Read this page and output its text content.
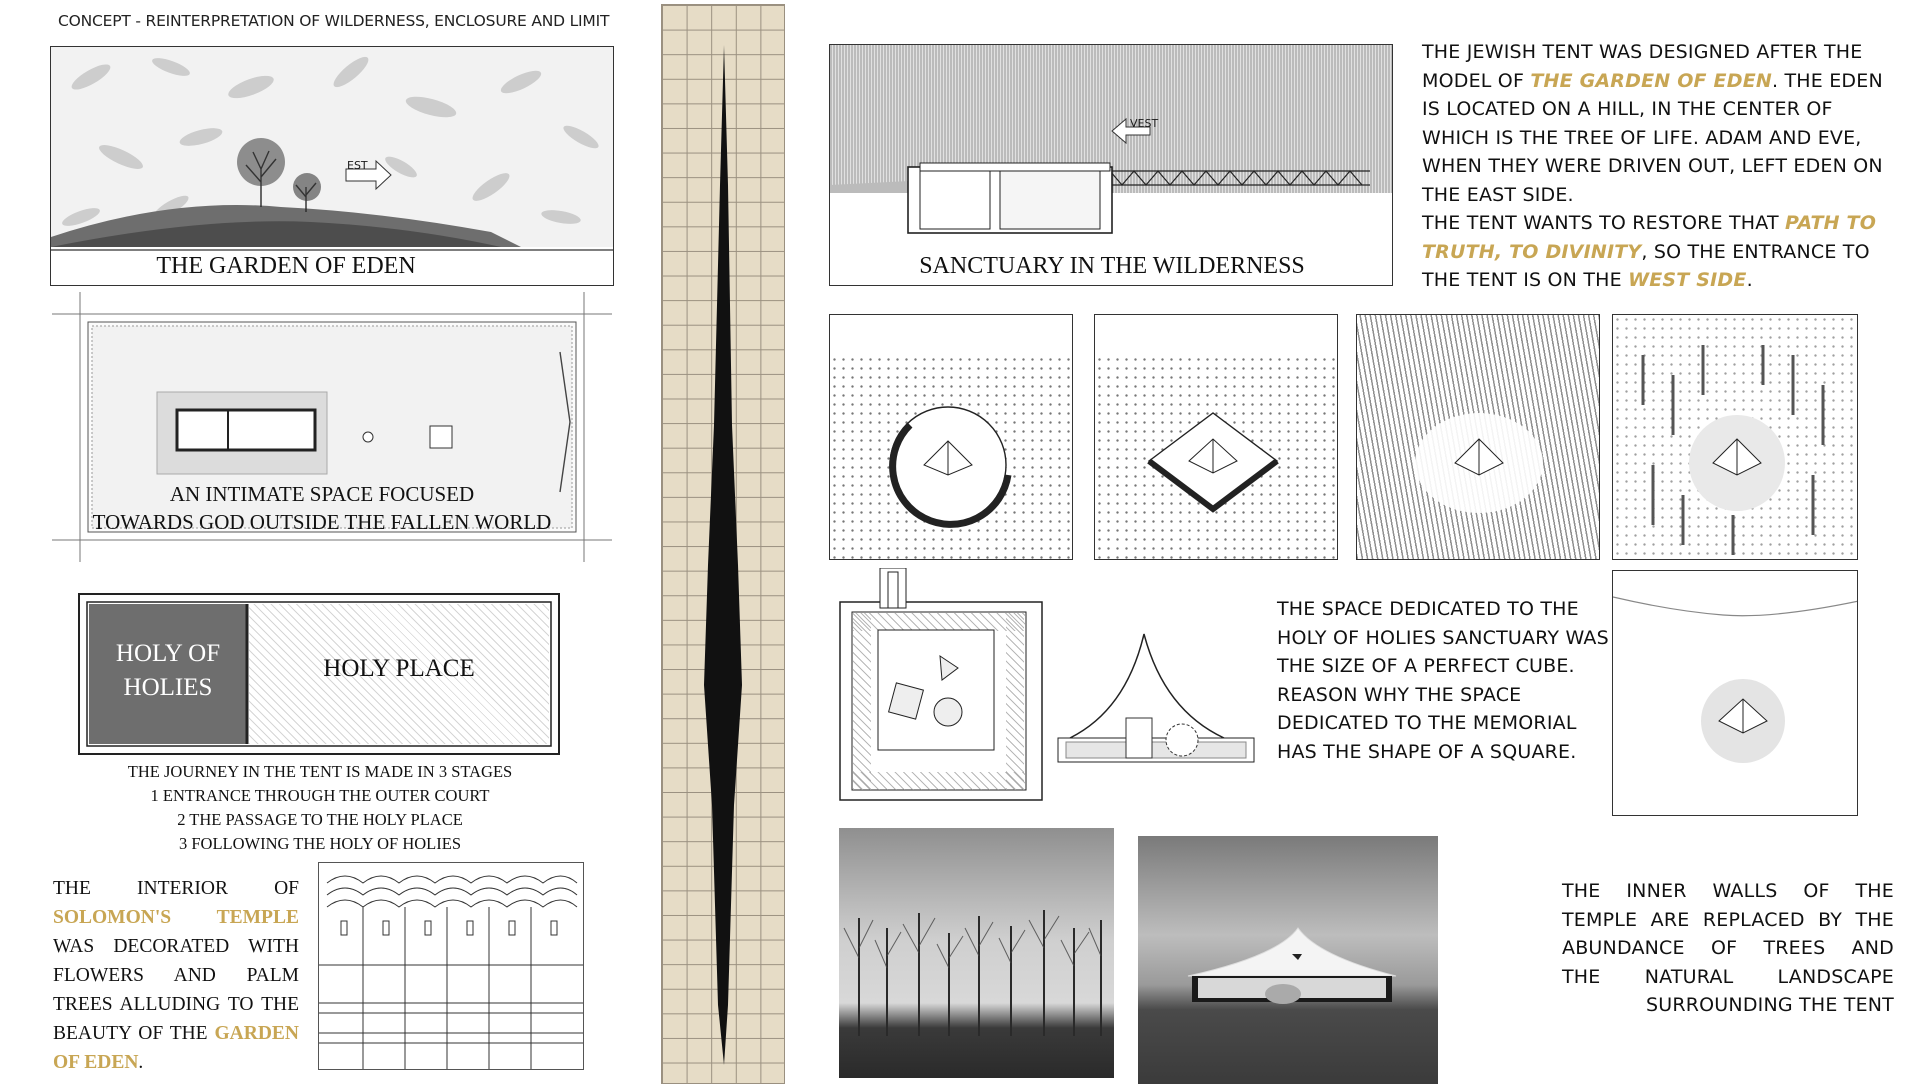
CONCEPT - REINTERPRETATION OF WILDERNESS, ENCLOSURE AND LIMIT
EST
THE GARDEN OF EDEN
AN INTIMATE SPACE FOCUSED
TOWARDS GOD OUTSIDE THE FALLEN WORLD
HOLY OF
HOLIES
HOLY PLACE
THE JOURNEY IN THE TENT IS MADE IN 3 STAGES
1 ENTRANCE THROUGH THE OUTER COURT
2 THE PASSAGE TO THE HOLY PLACE
3 FOLLOWING THE HOLY OF HOLIES
THE INTERIOR OF
SOLOMON'S TEMPLE
WAS DECORATED WITH
FLOWERS AND PALM
TREES ALLUDING TO THE
BEAUTY OF THE GARDEN
OF EDEN.
VEST
SANCTUARY IN THE WILDERNESS
THE JEWISH TENT WAS DESIGNED AFTER THE MODEL OF THE GARDEN OF EDEN. THE EDEN IS LOCATED ON A HILL, IN THE CENTER OF WHICH IS THE TREE OF LIFE. ADAM AND EVE, WHEN THEY WERE DRIVEN OUT, LEFT EDEN ON THE EAST SIDE.
THE TENT WANTS TO RESTORE THAT PATH TO TRUTH, TO DIVINITY, SO THE ENTRANCE TO THE TENT IS ON THE WEST SIDE.
THE SPACE DEDICATED TO THE
HOLY OF HOLIES SANCTUARY WAS
THE SIZE OF A PERFECT CUBE.
REASON WHY THE SPACE
DEDICATED TO THE MEMORIAL
HAS THE SHAPE OF A SQUARE.
THE INNER WALLS OF THE
TEMPLE ARE REPLACED BY THE
ABUNDANCE OF TREES AND
THE NATURAL LANDSCAPE
SURROUNDING THE TENT
